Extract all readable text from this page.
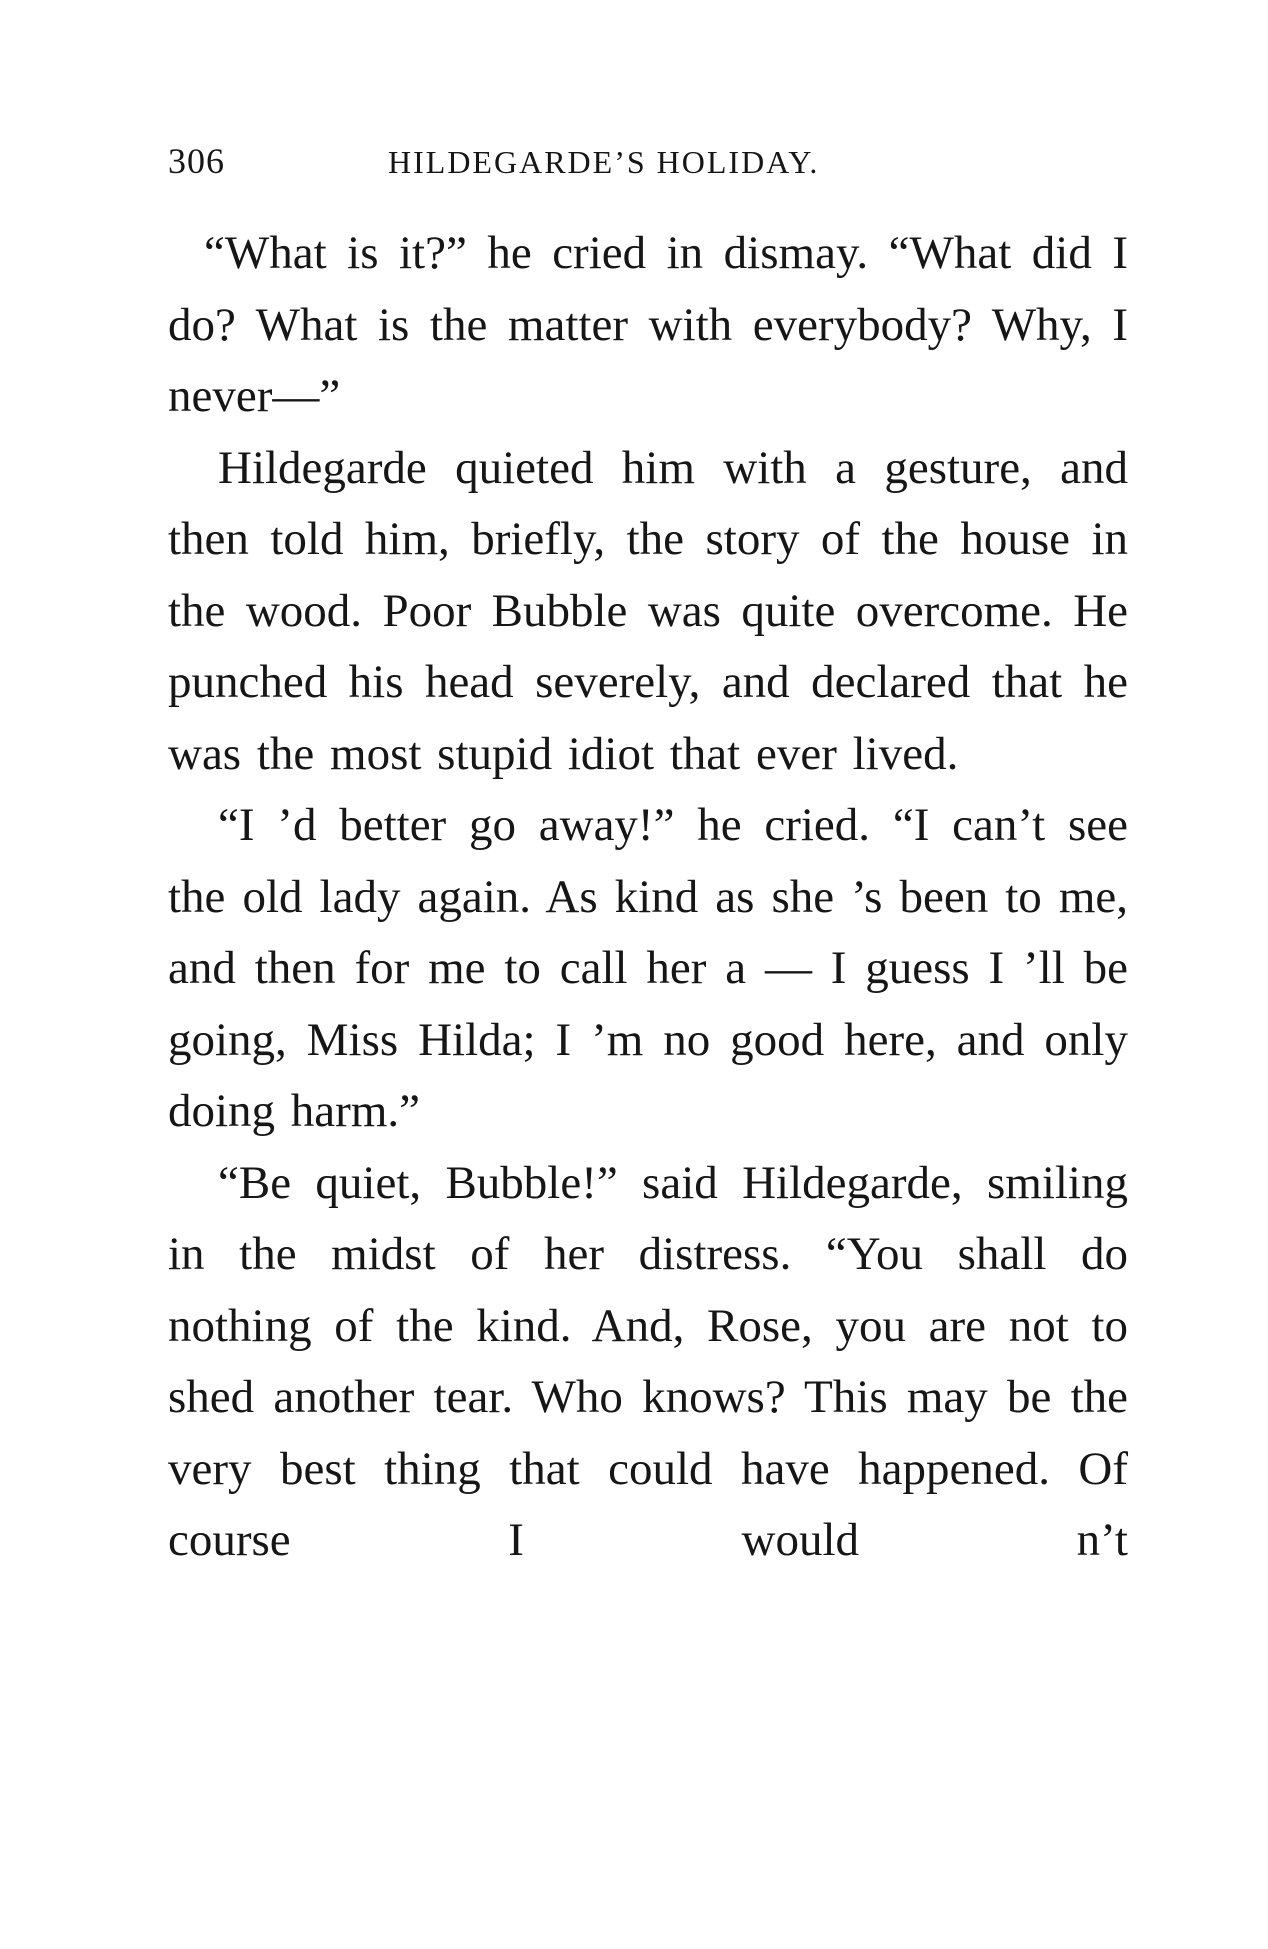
306	HILDEGARDE’S HOLIDAY.

“What is it?” he cried in dismay. “What did I do? What is the matter with everybody? Why, I never—”

Hildegarde quieted him with a gesture, and then told him, briefly, the story of the house in the wood. Poor Bubble was quite overcome. He punched his head severely, and declared that he was the most stupid idiot that ever lived.

“I ’d better go away!” he cried. “I can’t see the old lady again. As kind as she ’s been to me, and then for me to call her a — I guess I ’ll be going, Miss Hilda; I ’m no good here, and only doing harm.”

“Be quiet, Bubble!” said Hildegarde, smiling in the midst of her distress. “You shall do nothing of the kind. And, Rose, you are not to shed another tear. Who knows? This may be the very best thing that could have happened. Of course I would n’t
